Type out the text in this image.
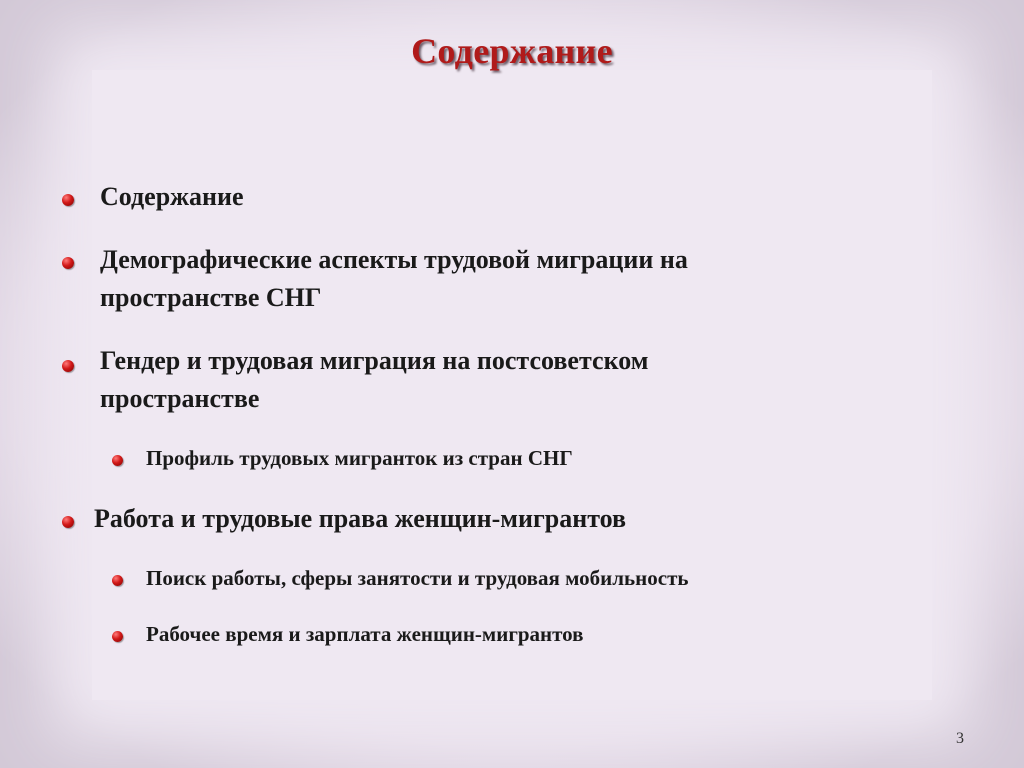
Содержание
Содержание
Демографические аспекты трудовой миграции на
пространстве СНГ
Гендер и трудовая миграция на постсоветском
пространстве
Профиль трудовых мигранток из стран СНГ
Работа и трудовые права женщин-мигрантов
Поиск работы, сферы занятости и трудовая мобильность
Рабочее время и зарплата женщин-мигрантов
3
